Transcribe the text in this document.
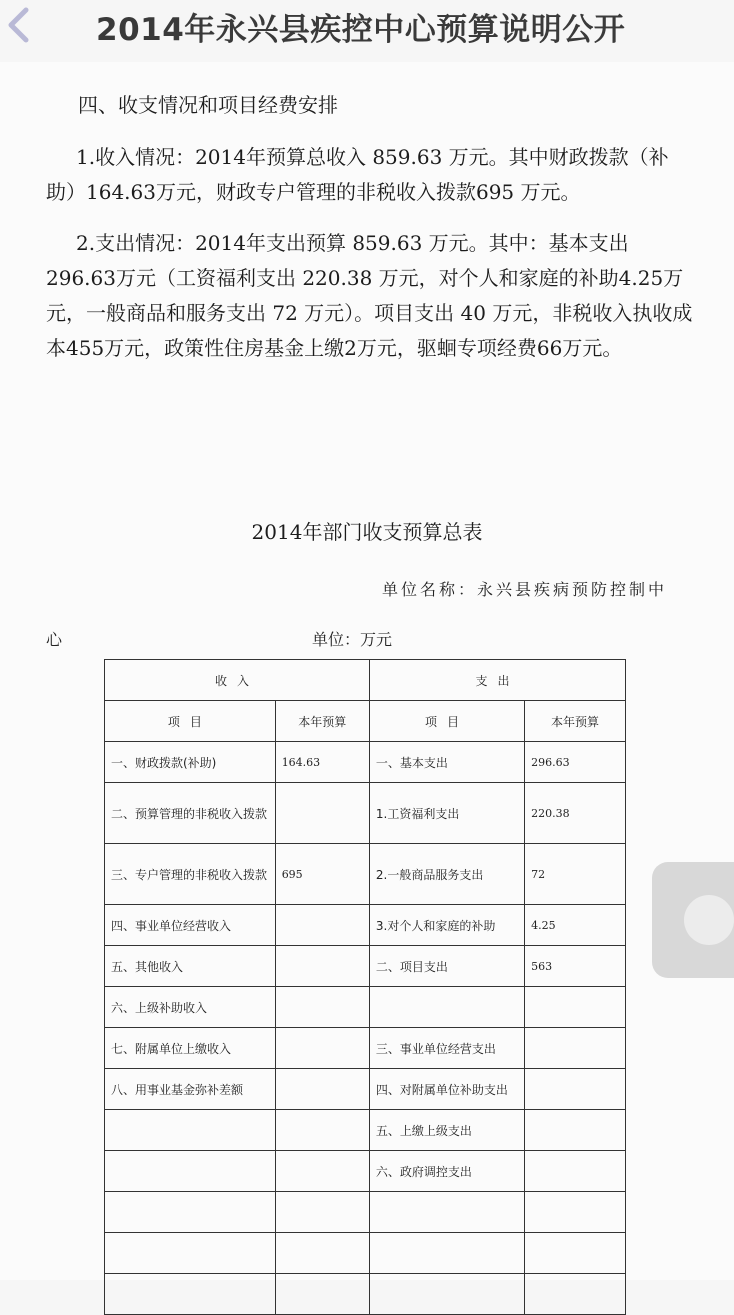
2014年永兴县疾控中心预算说明公开

四、收支情况和项目经费安排

1.收入情况：2014年预算总收入 859.63 万元。其中财政拨款（补助）164.63万元，财政专户管理的非税收入拨款695 万元。

2.支出情况：2014年支出预算 859.63 万元。其中：基本支出296.63万元（工资福利支出 220.38 万元，对个人和家庭的补助4.25万元，一般商品和服务支出 72 万元）。项目支出 40 万元，非税收入执收成本455万元，政策性住房基金上缴2万元，驱蛔专项经费66万元。

2014年部门收支预算总表
单位名称：永兴县疾病预防控制中
心	单位：万元
收入		支出	
项目	本年预算	项目	本年预算
一、财政拨款(补助)	164.63	一、基本支出	296.63
二、预算管理的非税收入拨款		1.工资福利支出	220.38
三、专户管理的非税收入拨款	695	2.一般商品服务支出	72
四、事业单位经营收入		3.对个人和家庭的补助	4.25
五、其他收入		二、项目支出	563
六、上级补助收入			
七、附属单位上缴收入		三、事业单位经营支出	
八、用事业基金弥补差额		四、对附属单位补助支出	
		五、上缴上级支出	
		六、政府调控支出	
